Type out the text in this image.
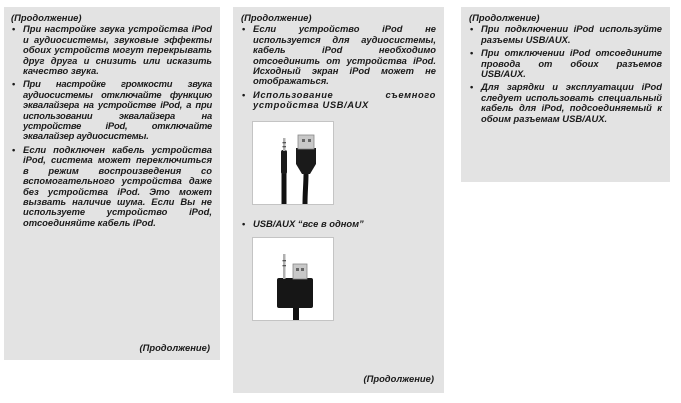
(Продолжение)
• При настройке звука устройства iPod и аудиосистемы, звуковые эффекты обоих устройств могут перекрывать друг друга и снизить или исказить качество звука.
• При настройке громкости звука аудиосистемы отключайте функцию эквалайзера на устройстве iPod, а при использовании эквалайзера на устройстве iPod, отключайте эквалайзер аудиосистемы.
• Если подключен кабель устройства iPod, система может переключиться в режим воспроизведения со вспомогательного устройства даже без устройства iPod. Это может вызвать наличие шума. Если Вы не используете устройство iPod, отсоединяйте кабель iPod.
(Продолжение)
(Продолжение)
• Если устройство iPod не используется для аудиосистемы, кабель iPod необходимо отсоединить от устройства iPod. Исходный экран iPod может не отображаться.
• Использование съемного устройства USB/AUX
• USB/AUX “все в одном”
(Продолжение)
(Продолжение)
• При подключении iPod используйте разъемы USB/AUX.
• При отключении iPod отсоедините провода от обоих разъемов USB/AUX.
• Для зарядки и эксплуатации iPod следует использовать специальный кабель для iPod, подсоединяемый к обоим разъемам USB/AUX.
